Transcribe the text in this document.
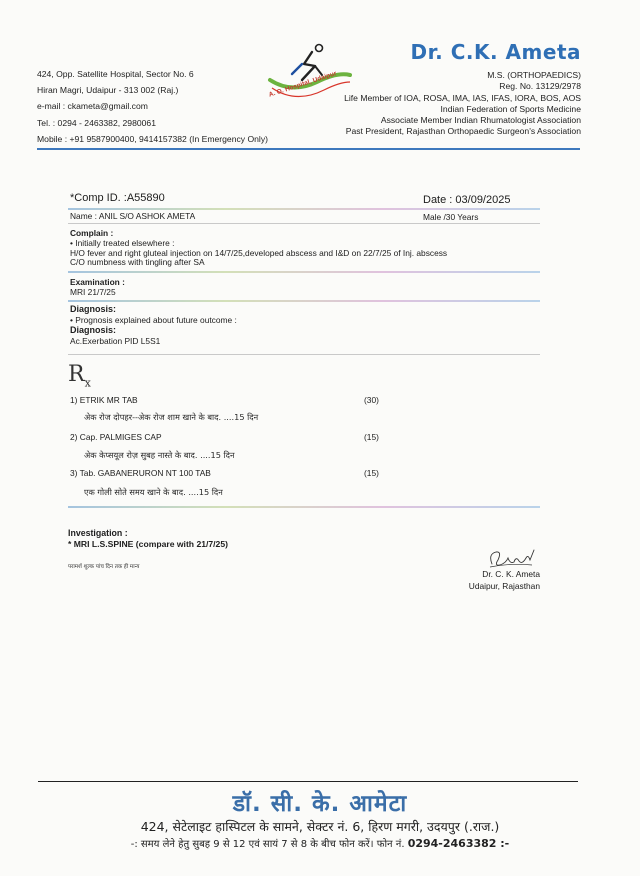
424, Opp. Satellite Hospital, Sector No. 6
Hiran Magri, Udaipur - 313 002 (Raj.)
e-mail : ckameta@gmail.com
Tel. : 0294 - 2463382, 2980061
Mobile : +91 9587900400, 9414157382 (In Emergency Only)
A. O. Hospital, Udaipur
Dr. C.K. Ameta
M.S. (ORTHOPAEDICS)
Reg. No. 13129/2978
Life Member of IOA, ROSA, IMA, IAS, IFAS, IORA, BOS, AOS
Indian Federation of Sports Medicine
Associate Member Indian Rhumatologist Association
Past President, Rajasthan Orthopaedic Surgeon's Association
*Comp ID. :A55890	Date : 03/09/2025
Name : ANIL S/O ASHOK AMETA	Male /30 Years
Complain :
• Initially treated elsewhere :
H/O fever and right gluteal injection on 14/7/25,developed abscess and I&D on 22/7/25 of Inj. abscess
C/O numbness with tingling after SA
Examination :
MRI 21/7/25
Diagnosis:
• Prognosis explained about future outcome :
Diagnosis:
Ac.Exerbation PID L5S1
$R_x$
1) ETRIK MR TAB	(30)
अेक रोज दोपहर--अेक रोज शाम खाने के बाद. ....15 दिन
2) Cap. PALMIGES CAP	(15)
अेक केप्सयूल रोज़ सुबह नास्ते के बाद. ....15 दिन
3) Tab. GABANERURON NT 100 TAB	(15)
एक गोली सोते समय खाने के बाद. ....15 दिन
Investigation :
* MRI L.S.SPINE (compare with 21/7/25)
परामर्श शुल्क पांच दिन तक ही मान्य
Dr. C. K. Ameta
Udaipur, Rajasthan
डॉ. सी. के. आमेटा
424, सेटेलाइट हास्पिटल के सामने, सेक्टर नं. 6, हिरण मगरी, उदयपुर (.राज.)
-: समय लेने हेतु सुबह 9 से 12 एवं सायं 7 से 8 के बीच फोन करें। फोन नं. 0294-2463382 :-
